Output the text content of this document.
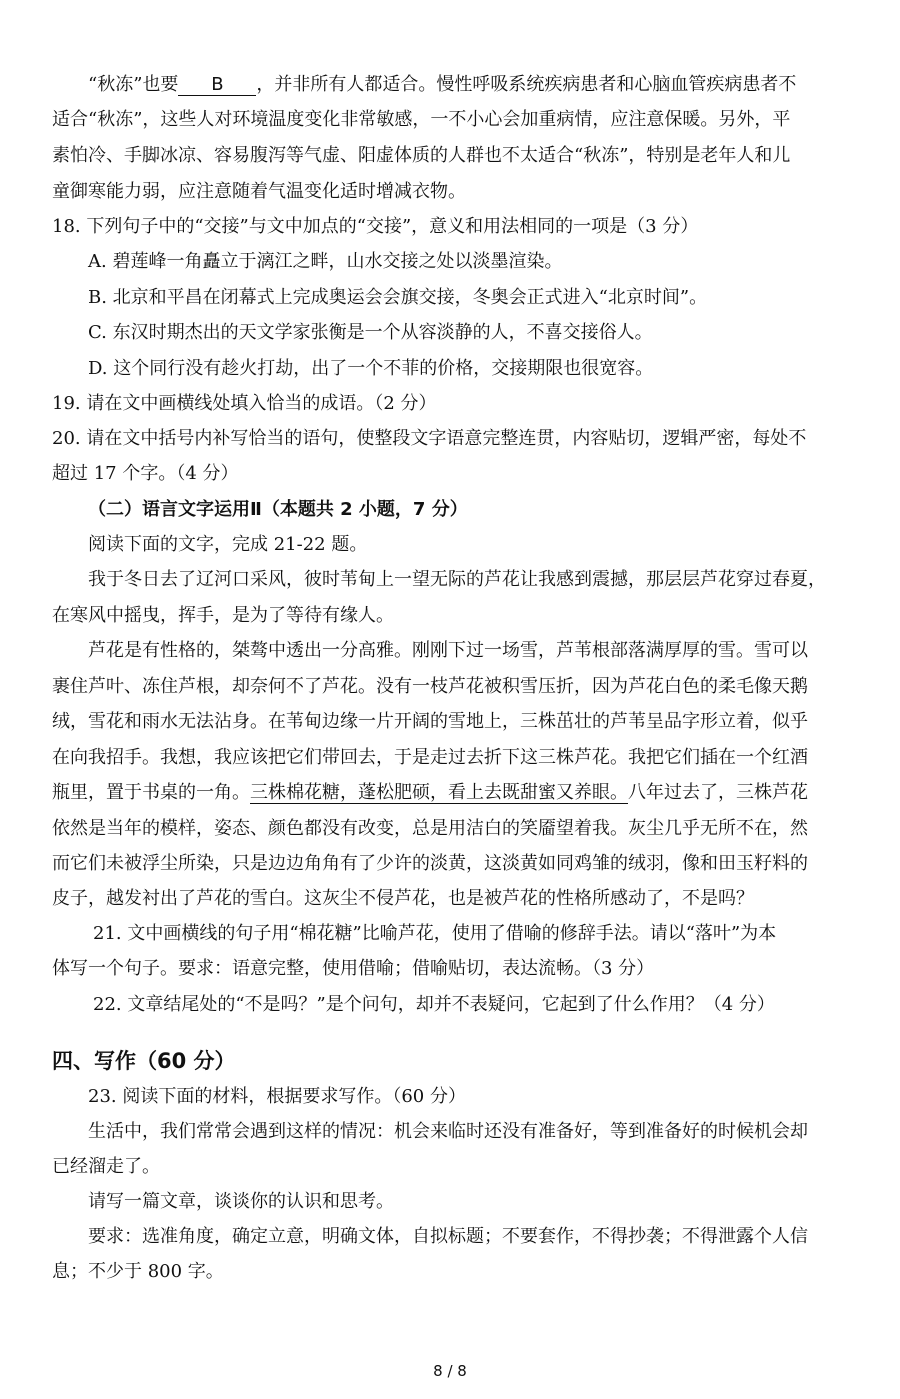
“秋冻”也要 B ，并非所有人都适合。慢性呼吸系统疾病患者和心脑血管疾病患者不
适合“秋冻”，这些人对环境温度变化非常敏感，一不小心会加重病情，应注意保暖。另外，平
素怕冷、手脚冰凉、容易腹泻等气虚、阳虚体质的人群也不太适合“秋冻”，特别是老年人和儿
童御寒能力弱，应注意随着气温变化适时增减衣物。
18. 下列句子中的“交接”与文中加点的“交接”，意义和用法相同的一项是（3 分）
A. 碧莲峰一角矗立于漓江之畔，山水交接之处以淡墨渲染。
B. 北京和平昌在闭幕式上完成奥运会会旗交接，冬奥会正式进入“北京时间”。
C. 东汉时期杰出的天文学家张衡是一个从容淡静的人，不喜交接俗人。
D. 这个同行没有趁火打劫，出了一个不菲的价格，交接期限也很宽容。
19. 请在文中画横线处填入恰当的成语。（2 分）
20. 请在文中括号内补写恰当的语句，使整段文字语意完整连贯，内容贴切，逻辑严密，每处不
超过 17 个字。（4 分）
（二）语言文字运用Ⅱ（本题共 2 小题，7 分）
阅读下面的文字，完成 21-22 题。
我于冬日去了辽河口采风，彼时苇甸上一望无际的芦花让我感到震撼，那层层芦花穿过春夏，
在寒风中摇曳，挥手，是为了等待有缘人。
芦花是有性格的，桀骜中透出一分高雅。刚刚下过一场雪，芦苇根部落满厚厚的雪。雪可以
裹住芦叶、冻住芦根，却奈何不了芦花。没有一枝芦花被积雪压折，因为芦花白色的柔毛像天鹅
绒，雪花和雨水无法沾身。在苇甸边缘一片开阔的雪地上，三株茁壮的芦苇呈品字形立着，似乎
在向我招手。我想，我应该把它们带回去，于是走过去折下这三株芦花。我把它们插在一个红酒
瓶里，置于书桌的一角。三株棉花糖，蓬松肥硕，看上去既甜蜜又养眼。八年过去了，三株芦花
依然是当年的模样，姿态、颜色都没有改变，总是用洁白的笑靥望着我。灰尘几乎无所不在，然
而它们未被浮尘所染，只是边边角角有了少许的淡黄，这淡黄如同鸡雏的绒羽，像和田玉籽料的
皮子，越发衬出了芦花的雪白。这灰尘不侵芦花，也是被芦花的性格所感动了，不是吗？
21. 文中画横线的句子用“棉花糖”比喻芦花，使用了借喻的修辞手法。请以“落叶”为本
体写一个句子。要求：语意完整，使用借喻；借喻贴切，表达流畅。（3 分）
22. 文章结尾处的“不是吗？”是个问句，却并不表疑问，它起到了什么作用？（4 分）
四、写作（60 分）
23. 阅读下面的材料，根据要求写作。（60 分）
生活中，我们常常会遇到这样的情况：机会来临时还没有准备好，等到准备好的时候机会却
已经溜走了。
请写一篇文章，谈谈你的认识和思考。
要求：选准角度，确定立意，明确文体，自拟标题；不要套作，不得抄袭；不得泄露个人信
息；不少于 800 字。
8 / 8
